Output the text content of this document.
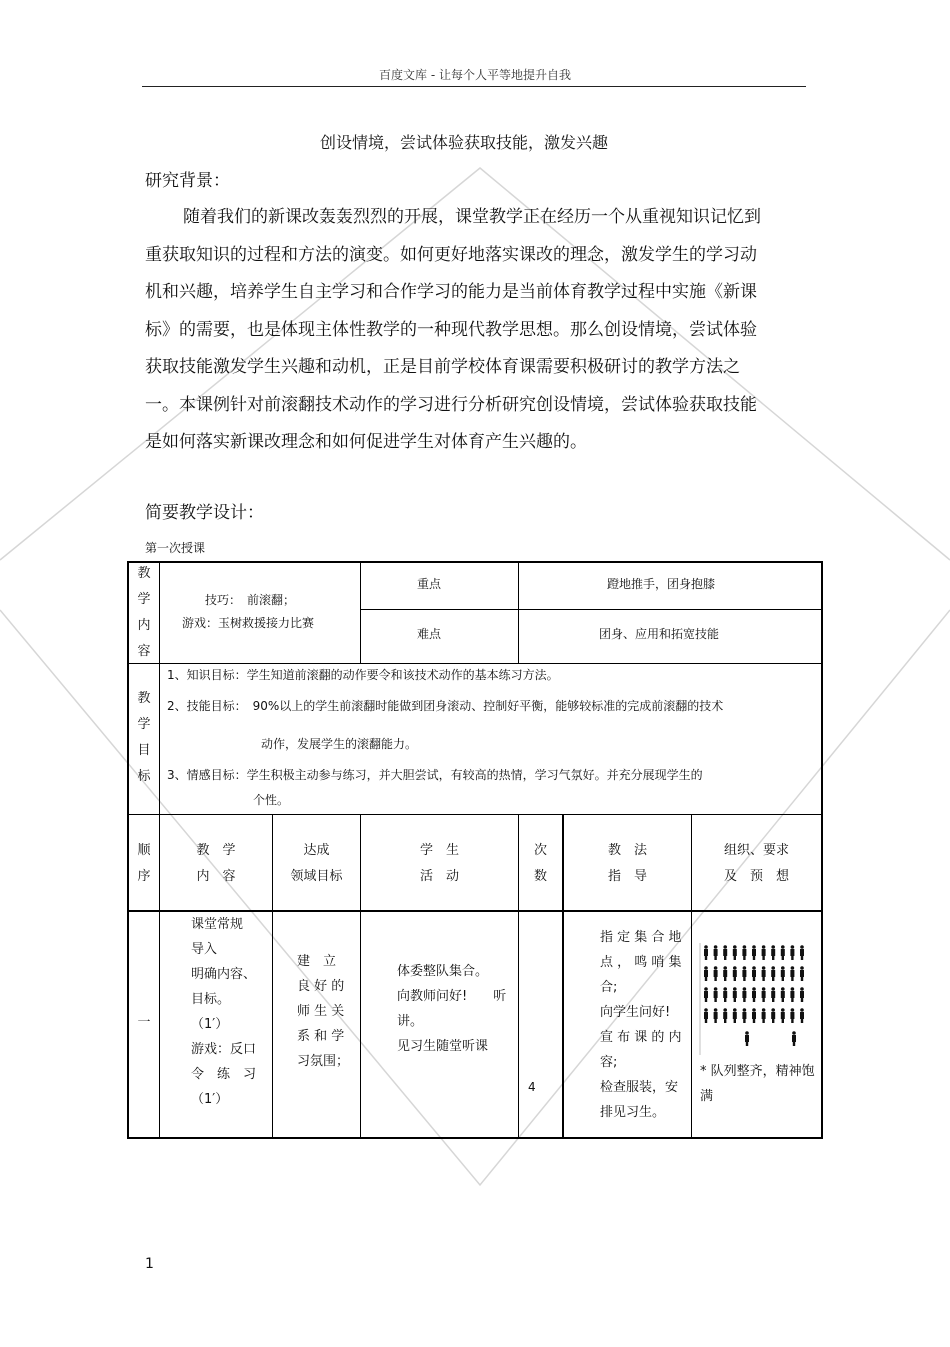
百度文库 - 让每个人平等地提升自我
创设情境，尝试体验获取技能，激发兴趣
研究背景：
随着我们的新课改轰轰烈烈的开展，课堂教学正在经历一个从重视知识记忆到重获取知识的过程和方法的演变。如何更好地落实课改的理念，激发学生的学习动机和兴趣，培养学生自主学习和合作学习的能力是当前体育教学过程中实施《新课标》的需要，也是体现主体性教学的一种现代教学思想。那么创设情境，尝试体验获取技能激发学生兴趣和动机，正是目前学校体育课需要积极研讨的教学方法之一。本课例针对前滚翻技术动作的学习进行分析研究创设情境，尝试体验获取技能是如何落实新课改理念和如何促进学生对体育产生兴趣的。
简要教学设计：
第一次授课
教
学
内
容
技巧：　前滚翻；
游戏：玉树救援接力比赛
重点	蹬地推手，团身抱膝
难点	团身、应用和拓宽技能
教
学
目
标
1、知识目标：学生知道前滚翻的动作要令和该技术动作的基本练习方法。
2、技能目标：　90%以上的学生前滚翻时能做到团身滚动、控制好平衡，能够较标准的完成前滚翻的技术
动作，发展学生的滚翻能力。
3、情感目标：学生积极主动参与练习，并大胆尝试，有较高的热情，学习气氛好。并充分展现学生的
个性。
顺
序
教　学
内　容
达成
领域目标
学　生
活　动
次
数
教　法
指　导
组织、要求
及　预　想
一
课堂常规
导入
明确内容、
目标。
（1′）
游戏：反口
令　练　习
（1′）
建　立
良 好 的
师 生 关
系 和 学
习氛围；
体委整队集合。
向教师问好!　　听
讲。
见习生随堂听课
4
指 定 集 合 地
点 ， 鸣 哨 集
合;
向学生问好!
宣 布 课 的 内
容;
检查服装，安
排见习生。
* 队列整齐，精神饱
满
1
